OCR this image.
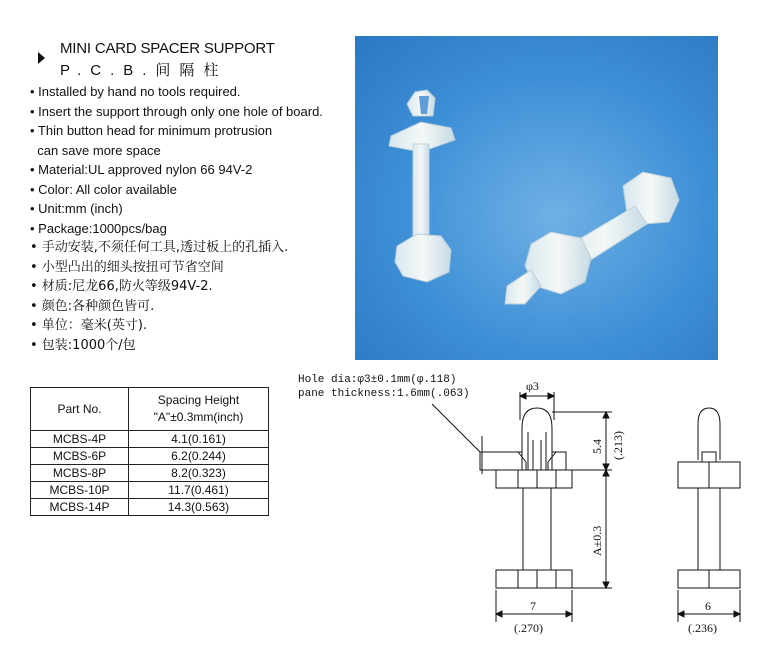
MINI CARD SPACER SUPPORT
P.C.B.间隔柱
• Installed by hand no tools required.
• Insert the support through only one hole of board.
• Thin button head for minimum protrusion
can save more space
• Material:UL approved nylon 66 94V-2
• Color: All color available
• Unit:mm (inch)
• Package:1000pcs/bag
• 手动安装,不须任何工具,透过板上的孔插入.
• 小型凸出的细头按扭可节省空间
• 材质:尼龙66,防火等级94V-2.
• 颜色:各种颜色皆可.
• 单位：毫米(英寸).
• 包装:1000个/包
Part No.	Spacing Height
"A"±0.3mm(inch)

MCBS-4P	4.1(0.161)
MCBS-6P	6.2(0.244)
MCBS-8P	8.2(0.323)
MCBS-10P	11.7(0.461)
MCBS-14P	14.3(0.563)
Hole dia:φ3±0.1mm(φ.118)
pane thickness:1.6mm(.063)
φ3
5.4 (.213)
A±0.3
7
(.270)
6
(.236)
